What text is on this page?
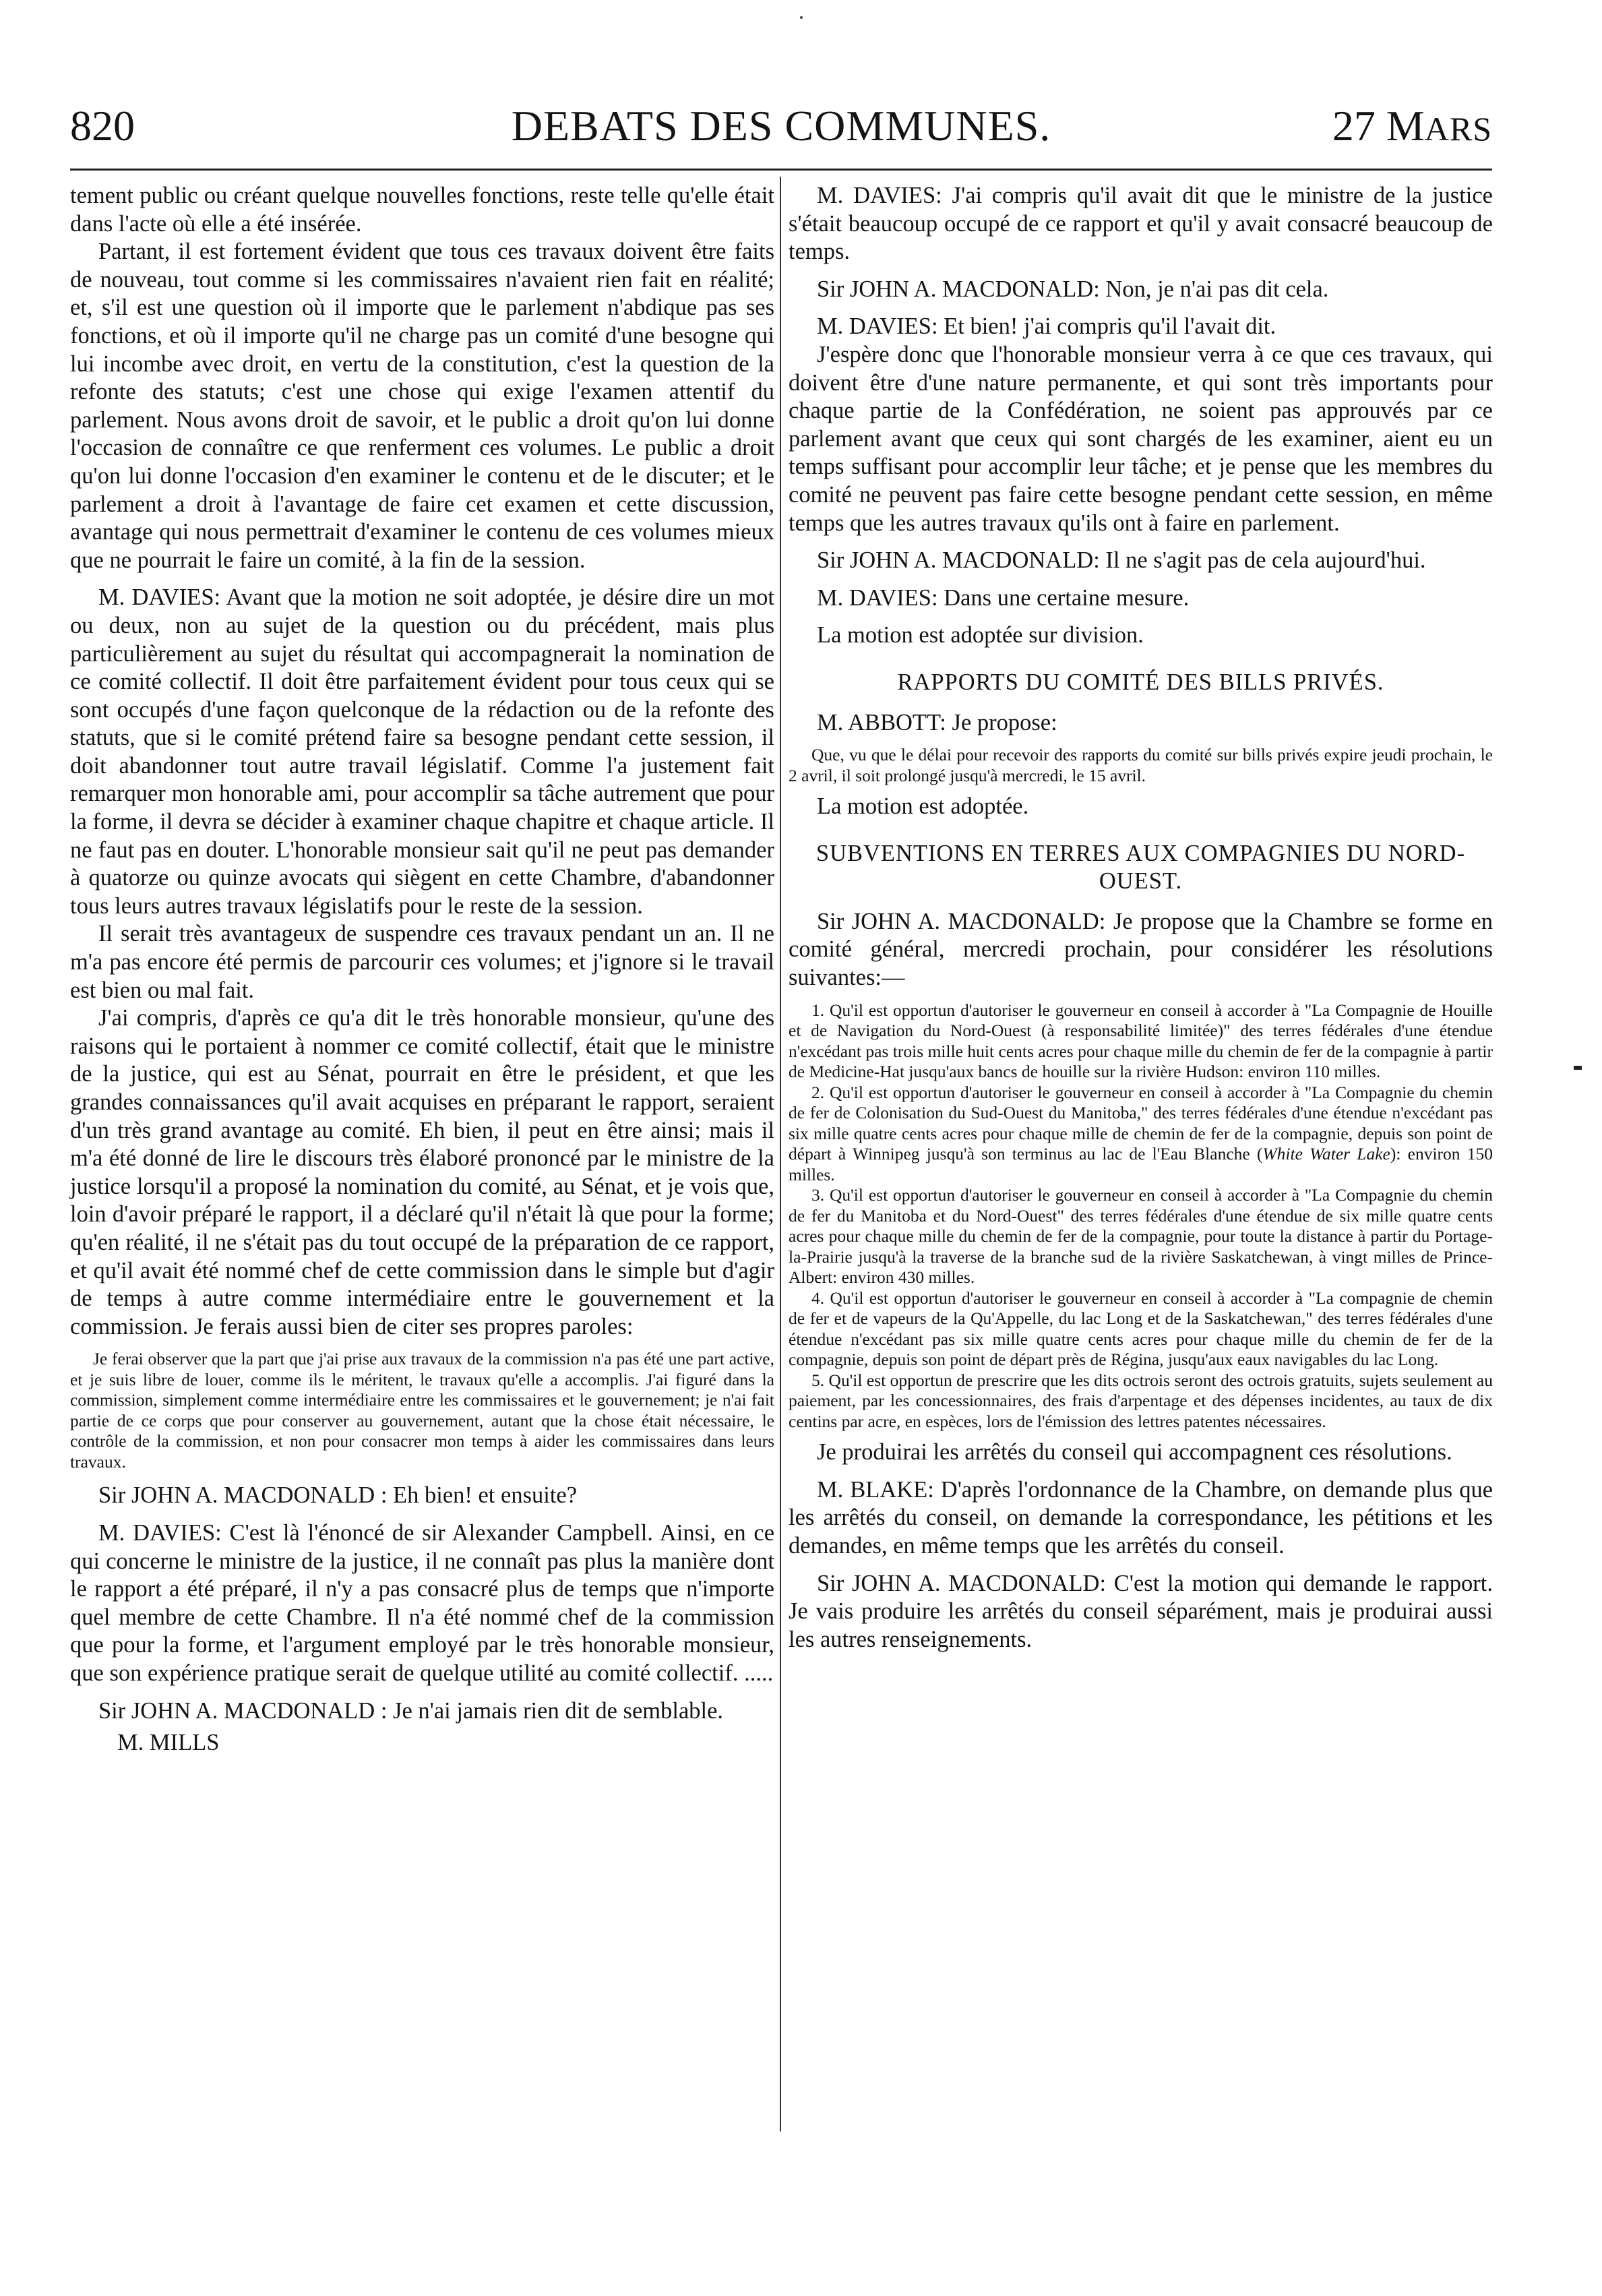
820	DEBATS DES COMMUNES.	27 MARS

tement public ou créant quelque nouvelles fonctions, reste telle qu'elle était dans l'acte où elle a été insérée.

Partant, il est fortement évident que tous ces travaux doivent être faits de nouveau, tout comme si les commissaires n'avaient rien fait en réalité; et, s'il est une question où il importe que le parlement n'abdique pas ses fonctions, et où il importe qu'il ne charge pas un comité d'une besogne qui lui incombe avec droit, en vertu de la constitution, c'est la question de la refonte des statuts; c'est une chose qui exige l'examen attentif du parlement. Nous avons droit de savoir, et le public a droit qu'on lui donne l'occasion de connaître ce que renferment ces volumes. Le public a droit qu'on lui donne l'occasion d'en examiner le contenu et de le discuter; et le parlement a droit à l'avantage de faire cet examen et cette discussion, avantage qui nous permettrait d'examiner le contenu de ces volumes mieux que ne pourrait le faire un comité, à la fin de la session.

M. DAVIES: Avant que la motion ne soit adoptée, je désire dire un mot ou deux, non au sujet de la question ou du précédent, mais plus particulièrement au sujet du résultat qui accompagnerait la nomination de ce comité collectif. Il doit être parfaitement évident pour tous ceux qui se sont occupés d'une façon quelconque de la rédaction ou de la refonte des statuts, que si le comité prétend faire sa besogne pendant cette session, il doit abandonner tout autre travail législatif. Comme l'a justement fait remarquer mon honorable ami, pour accomplir sa tâche autrement que pour la forme, il devra se décider à examiner chaque chapitre et chaque article. Il ne faut pas en douter. L'honorable monsieur sait qu'il ne peut pas demander à quatorze ou quinze avocats qui siègent en cette Chambre, d'abandonner tous leurs autres travaux législatifs pour le reste de la session.

Il serait très avantageux de suspendre ces travaux pendant un an. Il ne m'a pas encore été permis de parcourir ces volumes; et j'ignore si le travail est bien ou mal fait.

J'ai compris, d'après ce qu'a dit le très honorable monsieur, qu'une des raisons qui le portaient à nommer ce comité collectif, était que le ministre de la justice, qui est au Sénat, pourrait en être le président, et que les grandes connaissances qu'il avait acquises en préparant le rapport, seraient d'un très grand avantage au comité. Eh bien, il peut en être ainsi; mais il m'a été donné de lire le discours très élaboré prononcé par le ministre de la justice lorsqu'il a proposé la nomination du comité, au Sénat, et je vois que, loin d'avoir préparé le rapport, il a déclaré qu'il n'était là que pour la forme; qu'en réalité, il ne s'était pas du tout occupé de la préparation de ce rapport, et qu'il avait été nommé chef de cette commission dans le simple but d'agir de temps à autre comme intermédiaire entre le gouvernement et la commission. Je ferais aussi bien de citer ses propres paroles:

Je ferai observer que la part que j'ai prise aux travaux de la commission n'a pas été une part active, et je suis libre de louer, comme ils le méritent, le travaux qu'elle a accomplis. J'ai figuré dans la commission, simplement comme intermédiaire entre les commissaires et le gouvernement; je n'ai fait partie de ce corps que pour conserver au gouvernement, autant que la chose était nécessaire, le contrôle de la commission, et non pour consacrer mon temps à aider les commissaires dans leurs travaux.

Sir JOHN A. MACDONALD : Eh bien! et ensuite?

M. DAVIES: C'est là l'énoncé de sir Alexander Campbell. Ainsi, en ce qui concerne le ministre de la justice, il ne connaît pas plus la manière dont le rapport a été préparé, il n'y a pas consacré plus de temps que n'importe quel membre de cette Chambre. Il n'a été nommé chef de la commission que pour la forme, et l'argument employé par le très honorable monsieur, que son expérience pratique serait de quelque utilité au comité collectif. .....

Sir JOHN A. MACDONALD : Je n'ai jamais rien dit de semblable.

M. MILLS

M. DAVIES: J'ai compris qu'il avait dit que le ministre de la justice s'était beaucoup occupé de ce rapport et qu'il y avait consacré beaucoup de temps.

Sir JOHN A. MACDONALD: Non, je n'ai pas dit cela.

M. DAVIES: Et bien! j'ai compris qu'il l'avait dit.

J'espère donc que l'honorable monsieur verra à ce que ces travaux, qui doivent être d'une nature permanente, et qui sont très importants pour chaque partie de la Confédération, ne soient pas approuvés par ce parlement avant que ceux qui sont chargés de les examiner, aient eu un temps suffisant pour accomplir leur tâche; et je pense que les membres du comité ne peuvent pas faire cette besogne pendant cette session, en même temps que les autres travaux qu'ils ont à faire en parlement.

Sir JOHN A. MACDONALD: Il ne s'agit pas de cela aujourd'hui.

M. DAVIES: Dans une certaine mesure.

La motion est adoptée sur division.

RAPPORTS DU COMITÉ DES BILLS PRIVÉS.

M. ABBOTT: Je propose:

Que, vu que le délai pour recevoir des rapports du comité sur bills privés expire jeudi prochain, le 2 avril, il soit prolongé jusqu'à mercredi, le 15 avril.

La motion est adoptée.

SUBVENTIONS EN TERRES AUX COMPAGNIES DU NORD-OUEST.

Sir JOHN A. MACDONALD: Je propose que la Chambre se forme en comité général, mercredi prochain, pour considérer les résolutions suivantes:—

1. Qu'il est opportun d'autoriser le gouverneur en conseil à accorder à "La Compagnie de Houille et de Navigation du Nord-Ouest (à responsabilité limitée)" des terres fédérales d'une étendue n'excédant pas trois mille huit cents acres pour chaque mille du chemin de fer de la compagnie à partir de Medicine-Hat jusqu'aux bancs de houille sur la rivière Hudson: environ 110 milles.

2. Qu'il est opportun d'autoriser le gouverneur en conseil à accorder à "La Compagnie du chemin de fer de Colonisation du Sud-Ouest du Manitoba," des terres fédérales d'une étendue n'excédant pas six mille quatre cents acres pour chaque mille de chemin de fer de la compagnie, depuis son point de départ à Winnipeg jusqu'à son terminus au lac de l'Eau Blanche (White Water Lake): environ 150 milles.

3. Qu'il est opportun d'autoriser le gouverneur en conseil à accorder à "La Compagnie du chemin de fer du Manitoba et du Nord-Ouest" des terres fédérales d'une étendue de six mille quatre cents acres pour chaque mille du chemin de fer de la compagnie, pour toute la distance à partir du Portage-la-Prairie jusqu'à la traverse de la branche sud de la rivière Saskatchewan, à vingt milles de Prince-Albert: environ 430 milles.

4. Qu'il est opportun d'autoriser le gouverneur en conseil à accorder à "La compagnie de chemin de fer et de vapeurs de la Qu'Appelle, du lac Long et de la Saskatchewan," des terres fédérales d'une étendue n'excédant pas six mille quatre cents acres pour chaque mille du chemin de fer de la compagnie, depuis son point de départ près de Régina, jusqu'aux eaux navigables du lac Long.

5. Qu'il est opportun de prescrire que les dits octrois seront des octrois gratuits, sujets seulement au paiement, par les concessionnaires, des frais d'arpentage et des dépenses incidentes, au taux de dix centins par acre, en espèces, lors de l'émission des lettres patentes nécessaires.

Je produirai les arrêtés du conseil qui accompagnent ces résolutions.

M. BLAKE: D'après l'ordonnance de la Chambre, on demande plus que les arrêtés du conseil, on demande la correspondance, les pétitions et les demandes, en même temps que les arrêtés du conseil.

Sir JOHN A. MACDONALD: C'est la motion qui demande le rapport. Je vais produire les arrêtés du conseil séparément, mais je produirai aussi les autres renseignements.
